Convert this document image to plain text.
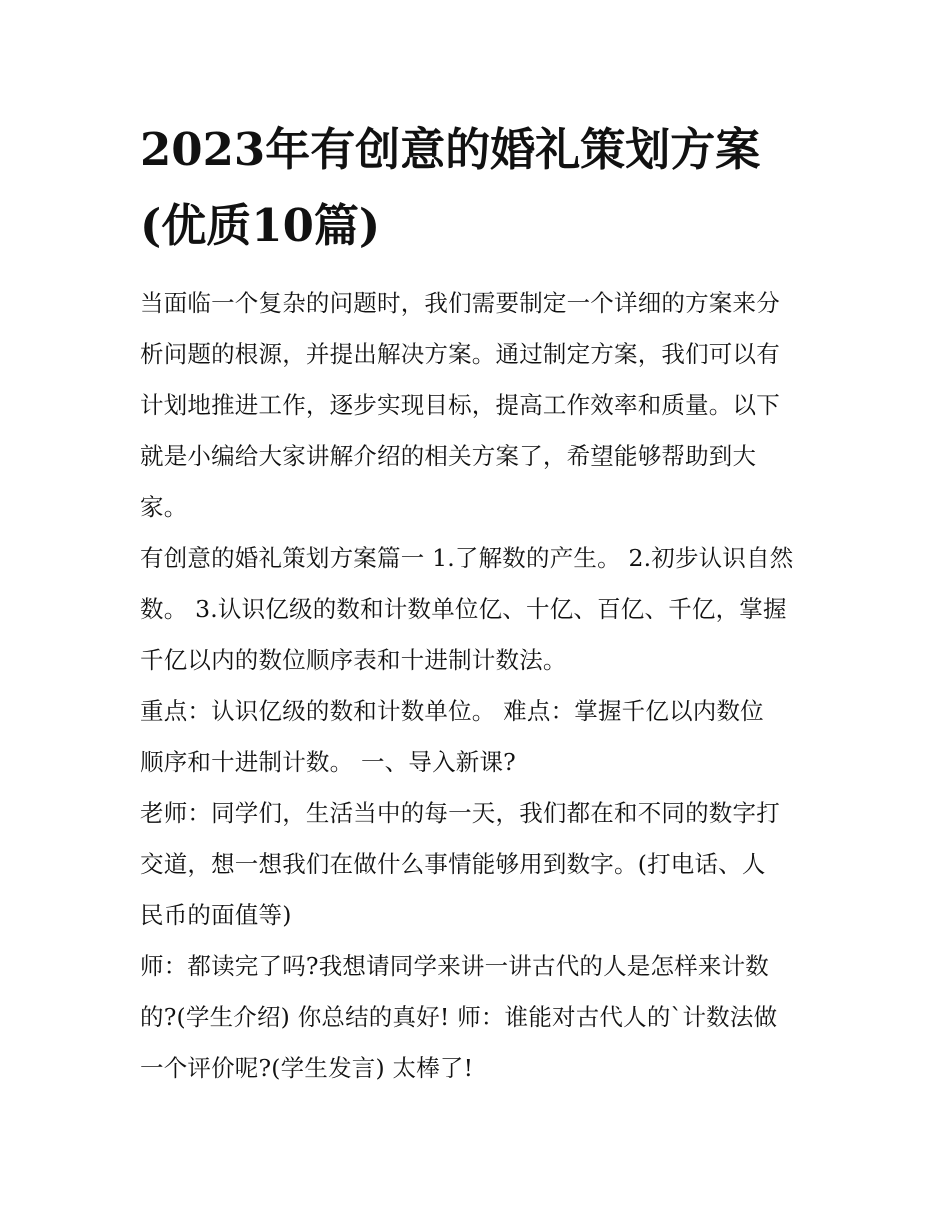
2023年有创意的婚礼策划方案
(优质10篇)

当面临一个复杂的问题时，我们需要制定一个详细的方案来分
析问题的根源，并提出解决方案。通过制定方案，我们可以有
计划地推进工作，逐步实现目标，提高工作效率和质量。以下
就是小编给大家讲解介绍的相关方案了，希望能够帮助到大
家。

有创意的婚礼策划方案篇一 1.了解数的产生。 2.初步认识自然
数。 3.认识亿级的数和计数单位亿、十亿、百亿、千亿，掌握
千亿以内的数位顺序表和十进制计数法。

重点：认识亿级的数和计数单位。 难点：掌握千亿以内数位
顺序和十进制计数。 一、导入新课?

老师：同学们，生活当中的每一天，我们都在和不同的数字打
交道，想一想我们在做什么事情能够用到数字。(打电话、人
民币的面值等)

师：都读完了吗?我想请同学来讲一讲古代的人是怎样来计数
的?(学生介绍) 你总结的真好! 师：谁能对古代人的`计数法做
一个评价呢?(学生发言) 太棒了!
